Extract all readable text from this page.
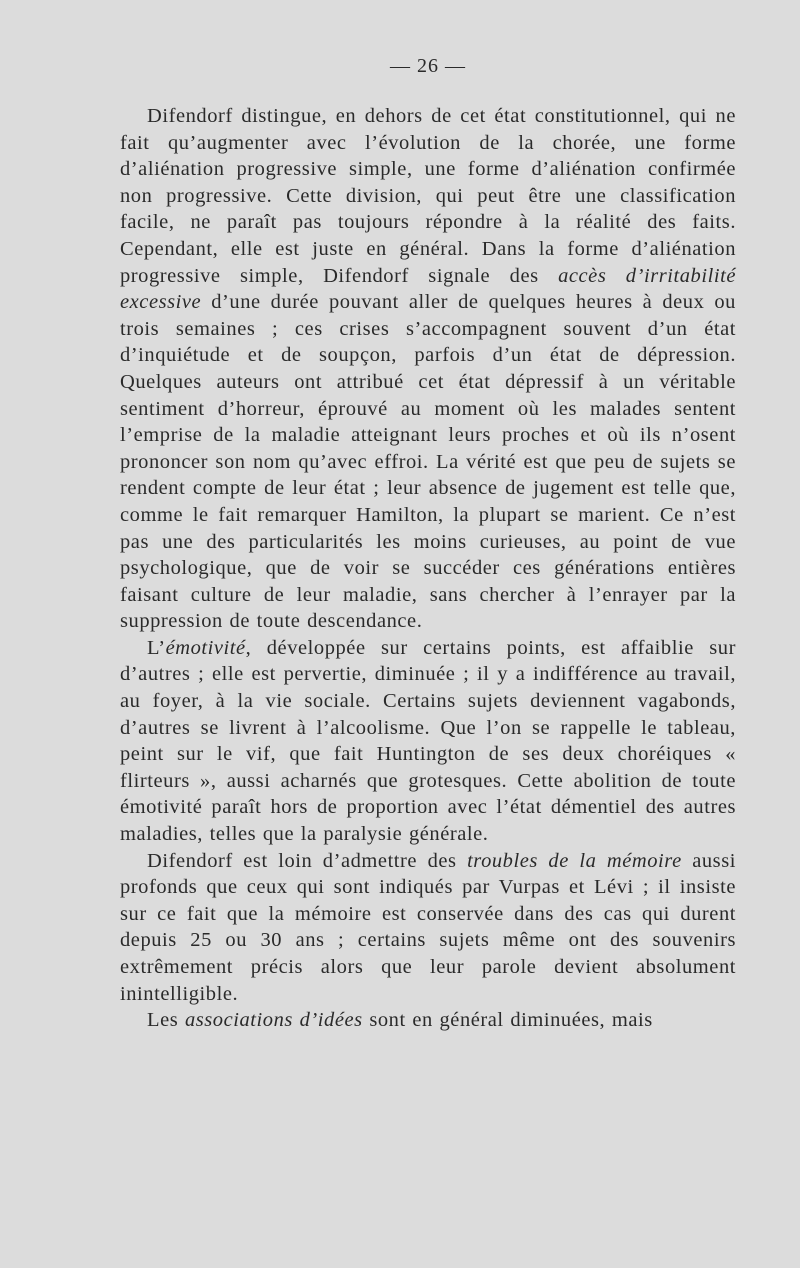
— 26 —

Difendorf distingue, en dehors de cet état constitutionnel, qui ne fait qu’augmenter avec l’évolution de la chorée, une forme d’aliénation progressive simple, une forme d’aliénation confirmée non progressive. Cette division, qui peut être une classification facile, ne paraît pas toujours répondre à la réalité des faits. Cependant, elle est juste en général. Dans la forme d’aliénation progressive simple, Difendorf signale des accès d’irritabilité excessive d’une durée pouvant aller de quelques heures à deux ou trois semaines ; ces crises s’accompagnent souvent d’un état d’inquiétude et de soupçon, parfois d’un état de dépression. Quelques auteurs ont attribué cet état dépressif à un véritable sentiment d’horreur, éprouvé au moment où les malades sentent l’emprise de la maladie atteignant leurs proches et où ils n’osent prononcer son nom qu’avec effroi. La vérité est que peu de sujets se rendent compte de leur état ; leur absence de jugement est telle que, comme le fait remarquer Hamilton, la plupart se marient. Ce n’est pas une des particularités les moins curieuses, au point de vue psychologique, que de voir se succéder ces générations entières faisant culture de leur maladie, sans chercher à l’enrayer par la suppression de toute descendance.

L’émotivité, développée sur certains points, est affaiblie sur d’autres ; elle est pervertie, diminuée ; il y a indifférence au travail, au foyer, à la vie sociale. Certains sujets deviennent vagabonds, d’autres se livrent à l’alcoolisme. Que l’on se rappelle le tableau, peint sur le vif, que fait Huntington de ses deux choréiques « flirteurs », aussi acharnés que grotesques. Cette abolition de toute émotivité paraît hors de proportion avec l’état démentiel des autres maladies, telles que la paralysie générale.

Difendorf est loin d’admettre des troubles de la mémoire aussi profonds que ceux qui sont indiqués par Vurpas et Lévi ; il insiste sur ce fait que la mémoire est conservée dans des cas qui durent depuis 25 ou 30 ans ; certains sujets même ont des souvenirs extrêmement précis alors que leur parole devient absolument inintelligible.

Les associations d’idées sont en général diminuées, mais
